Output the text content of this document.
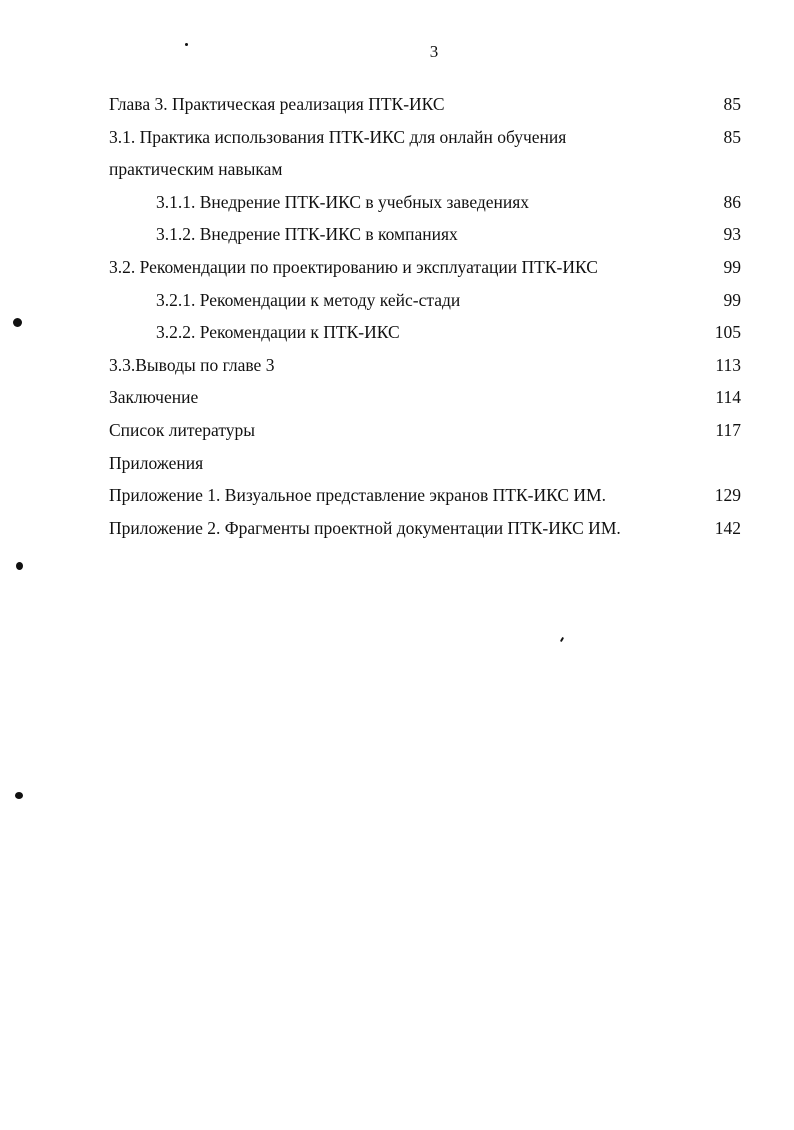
3
Глава 3. Практическая реализация ПТК-ИКС	85
3.1. Практика использования ПТК-ИКС для онлайн обучения	85
практическим навыкам
3.1.1. Внедрение ПТК-ИКС в учебных заведениях	86
3.1.2. Внедрение ПТК-ИКС в компаниях	93
3.2. Рекомендации по проектированию и эксплуатации ПТК-ИКС	99
3.2.1. Рекомендации к методу кейс-стади	99
3.2.2. Рекомендации к ПТК-ИКС	105
3.3.Выводы по главе 3	113
Заключение	114
Список литературы	117
Приложения
Приложение 1. Визуальное представление экранов ПТК-ИКС ИМ.	129
Приложение 2. Фрагменты проектной документации ПТК-ИКС ИМ.	142
